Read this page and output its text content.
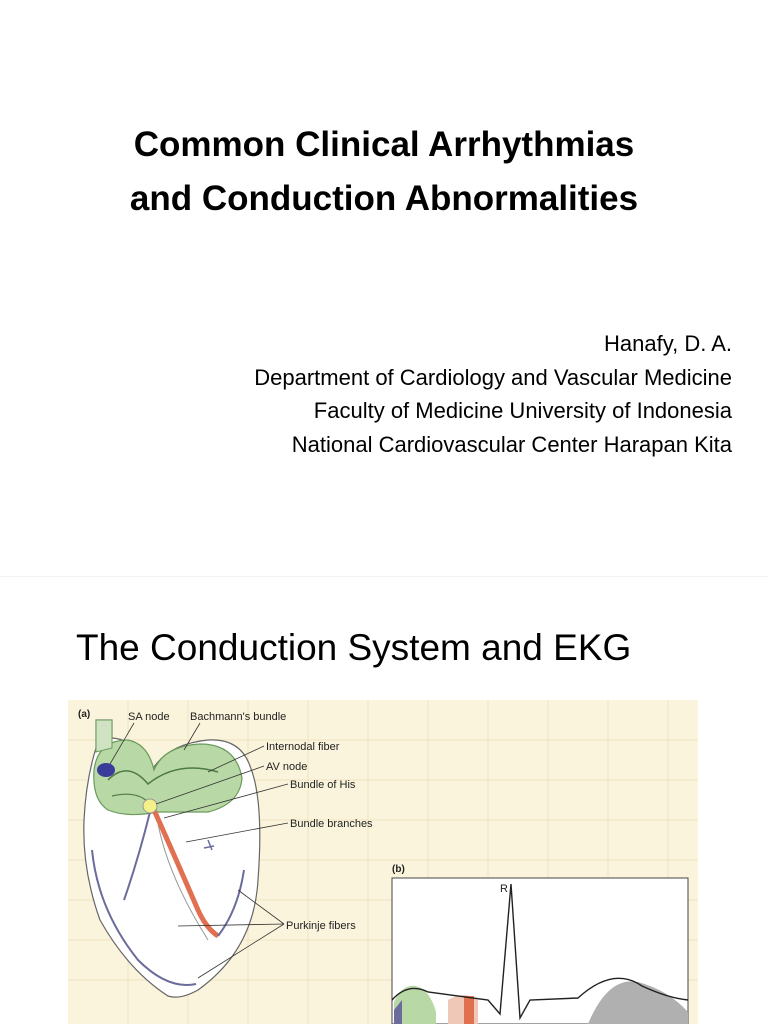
Common Clinical Arrhythmias
and Conduction Abnormalities
Hanafy, D. A.
Department of Cardiology and Vascular Medicine
Faculty of Medicine University of Indonesia
National Cardiovascular Center Harapan Kita
The Conduction System and EKG
(a)	SA node Bachmann's bundle
Internodal fiber
AV node
Bundle of His
Bundle branches
Purkinje fibers
(b)
R
